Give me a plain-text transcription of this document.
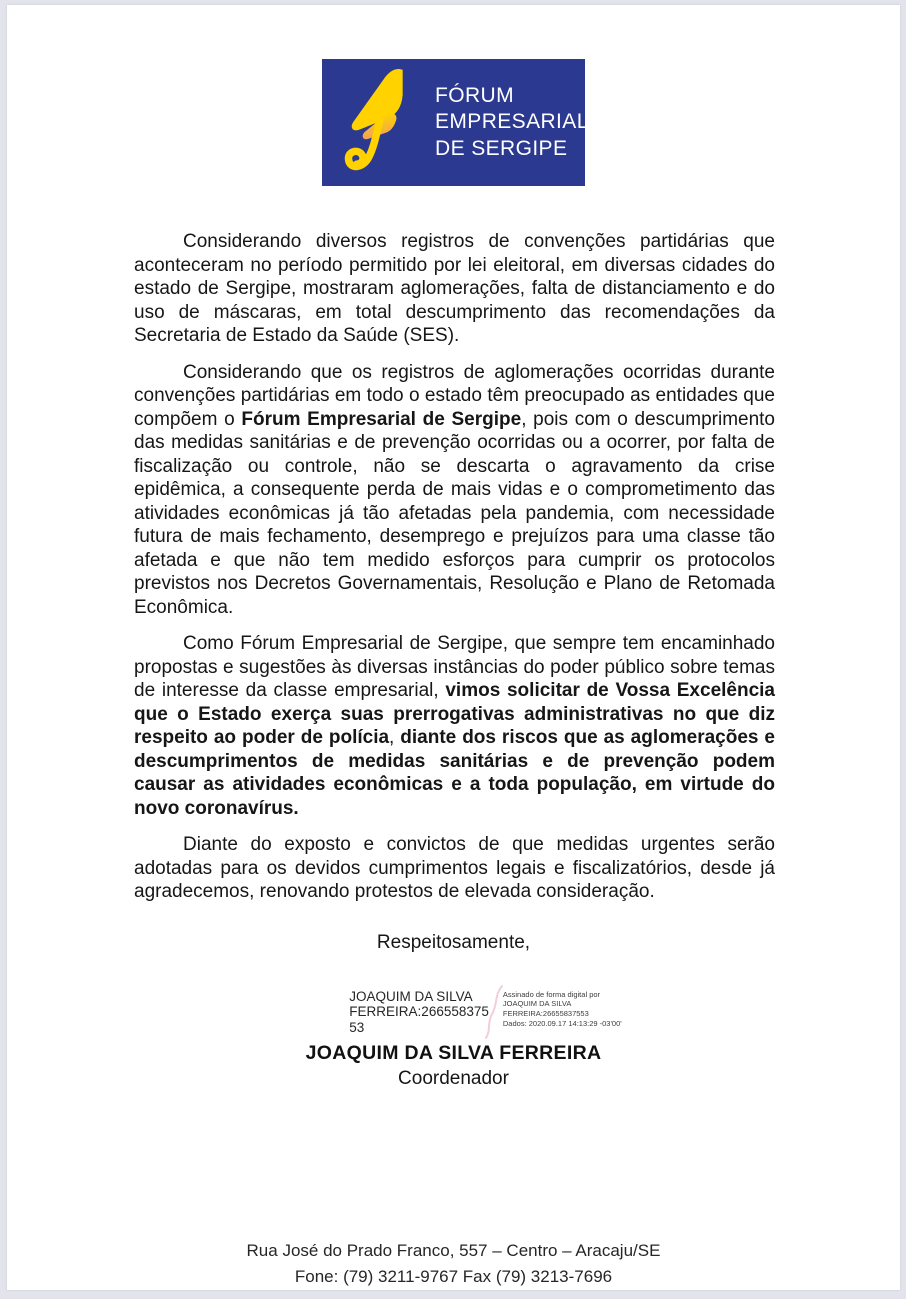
FÓRUM
EMPRESARIAL
DE SERGIPE

Considerando diversos registros de convenções partidárias que aconteceram no período permitido por lei eleitoral, em diversas cidades do estado de Sergipe, mostraram aglomerações, falta de distanciamento e do uso de máscaras, em total descumprimento das recomendações da Secretaria de Estado da Saúde (SES).

Considerando que os registros de aglomerações ocorridas durante convenções partidárias em todo o estado têm preocupado as entidades que compõem o Fórum Empresarial de Sergipe, pois com o descumprimento das medidas sanitárias e de prevenção ocorridas ou a ocorrer, por falta de fiscalização ou controle, não se descarta o agravamento da crise epidêmica, a consequente perda de mais vidas e o comprometimento das atividades econômicas já tão afetadas pela pandemia, com necessidade futura de mais fechamento, desemprego e prejuízos para uma classe tão afetada e que não tem medido esforços para cumprir os protocolos previstos nos Decretos Governamentais, Resolução e Plano de Retomada Econômica.

Como Fórum Empresarial de Sergipe, que sempre tem encaminhado propostas e sugestões às diversas instâncias do poder público sobre temas de interesse da classe empresarial, vimos solicitar de Vossa Excelência que o Estado exerça suas prerrogativas administrativas no que diz respeito ao poder de polícia, diante dos riscos que as aglomerações e descumprimentos de medidas sanitárias e de prevenção podem causar as atividades econômicas e a toda população, em virtude do novo coronavírus.

Diante do exposto e convictos de que medidas urgentes serão adotadas para os devidos cumprimentos legais e fiscalizatórios, desde já agradecemos, renovando protestos de elevada consideração.

Respeitosamente,
JOAQUIM DA SILVA
FERREIRA:266558375
53
Assinado de forma digital por
JOAQUIM DA SILVA
FERREIRA:26655837553
Dados: 2020.09.17 14:13:29 -03'00'
JOAQUIM DA SILVA FERREIRA
Coordenador
Rua José do Prado Franco, 557 – Centro – Aracaju/SE
Fone: (79) 3211-9767 Fax (79) 3213-7696
